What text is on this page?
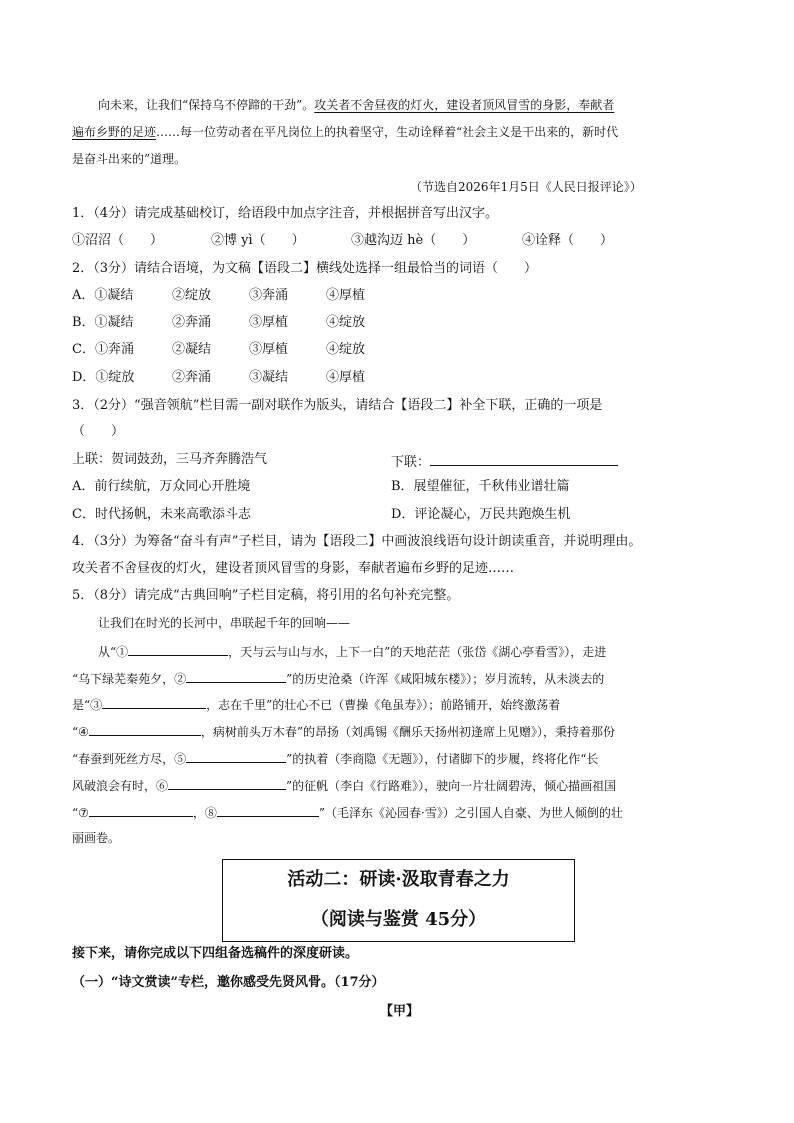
向未来，让我们“保持乌不停蹄的干劲”。攻关者不舍昼夜的灯火，建设者顶风冒雪的身影，奉献者
遍布乡野的足迹……每一位劳动者在平凡岗位上的执着坚守，生动诠释着“社会主义是干出来的，新时代
是奋斗出来的”道理。
（节选自2026年1月5日《人民日报评论》）
1．（4分）请完成基础校订，给语段中加点字注音，并根据拼音写出汉字。
①沼沼（　　）	②博 yì（　　）	③越沟迈 hè（　　）	④诠释（　　）
2．（3分）请结合语境，为文稿【语段二】横线处选择一组最恰当的词语（　　）
A．①凝结	②绽放	③奔涌	④厚植
B．①凝结	②奔涌	③厚植	④绽放
C．①奔涌	②凝结	③厚植	④绽放
D．①绽放	②奔涌	③凝结	④厚植
3．（2分）“强音领航”栏目需一副对联作为版头，请结合【语段二】补全下联，正确的一项是
（　　）
上联：贺词鼓劲，三马齐奔腾浩气	下联：
A．前行续航，万众同心开胜境	B．展望催征，千秋伟业谱壮篇
C．时代扬帆，未来高歌添斗志	D．评论凝心，万民共跑焕生机
4．（3分）为筹备“奋斗有声”子栏目，请为【语段二】中画波浪线语句设计朗读重音，并说明理由。
攻关者不舍昼夜的灯火，建设者顶风冒雪的身影，奉献者遍布乡野的足迹……
5．（8分）请完成“古典回响”子栏目定稿，将引用的名句补充完整。
让我们在时光的长河中，串联起千年的回响——
从“①	，天与云与山与水，上下一白”的天地茫茫（张岱《湖心亭看雪》），走进
“乌下绿芜秦苑夕，②	”的历史沧桑（许浑《咸阳城东楼》）；岁月流转，从未淡去的
是“③	，志在千里”的壮心不已（曹操《龟虽寿》）；前路铺开，始终激荡着
“④	，病树前头万木春”的昂扬（刘禹锡《酬乐天扬州初逢席上见赠》），秉持着那份
“春蚕到死丝方尽，⑤	”的执着（李商隐《无题》），付诸脚下的步履，终将化作“长
风破浪会有时，⑥	”的征帆（李白《行路难》），驶向一片壮阔碧涛，倾心描画祖国
“⑦	，⑧	”（毛泽东《沁园春·雪》）之引国人自豪、为世人倾倒的壮
丽画卷。
活动二：研读·汲取青春之力
（阅读与鉴赏 45分）
接下来，请你完成以下四组备选稿件的深度研读。
（一）“诗文赏读”专栏，邀你感受先贤风骨。（17分）
【甲】
